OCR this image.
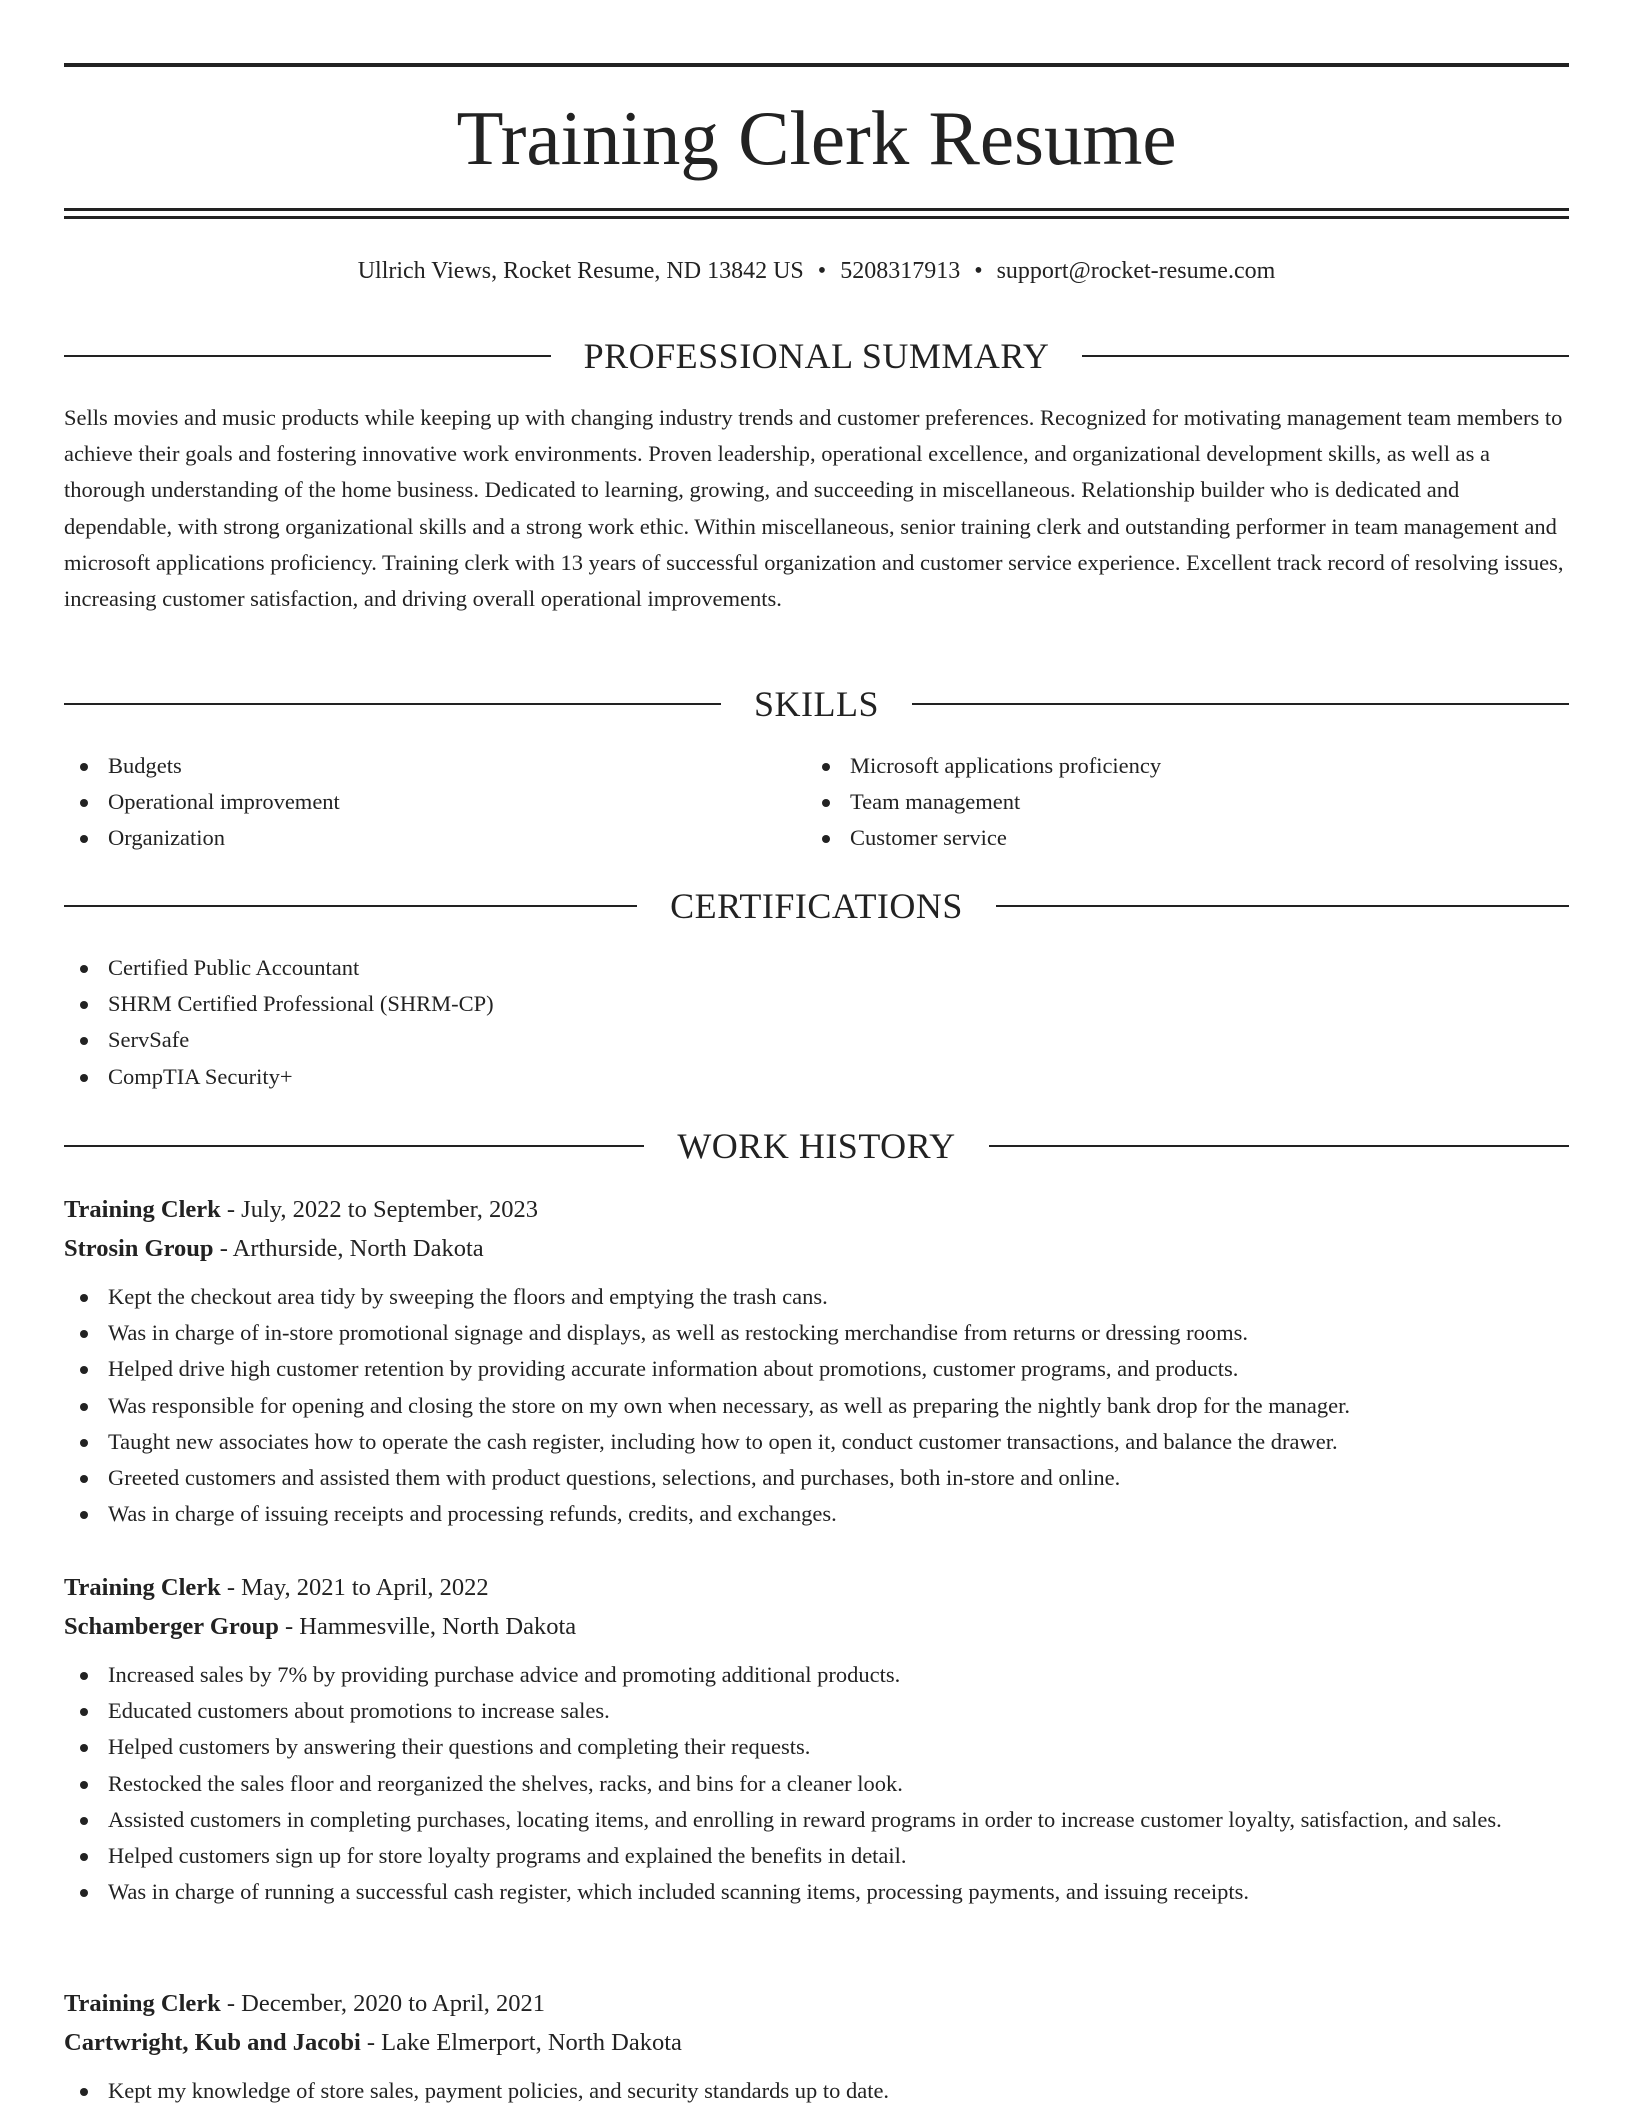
Training Clerk Resume
Ullrich Views, Rocket Resume, ND 13842 US • 5208317913 • support@rocket-resume.com
PROFESSIONAL SUMMARY

Sells movies and music products while keeping up with changing industry trends and customer preferences. Recognized for motivating management team members to achieve their goals and fostering innovative work environments. Proven leadership, operational excellence, and organizational development skills, as well as a thorough understanding of the home business. Dedicated to learning, growing, and succeeding in miscellaneous. Relationship builder who is dedicated and dependable, with strong organizational skills and a strong work ethic. Within miscellaneous, senior training clerk and outstanding performer in team management and microsoft applications proficiency. Training clerk with 13 years of successful organization and customer service experience. Excellent track record of resolving issues, increasing customer satisfaction, and driving overall operational improvements.

SKILLS
Budgets
Operational improvement
Organization
Microsoft applications proficiency
Team management
Customer service
CERTIFICATIONS
Certified Public Accountant
SHRM Certified Professional (SHRM-CP)
ServSafe
CompTIA Security+
WORK HISTORY
Training Clerk - July, 2022 to September, 2023
Strosin Group - Arthurside, North Dakota
Kept the checkout area tidy by sweeping the floors and emptying the trash cans.
Was in charge of in-store promotional signage and displays, as well as restocking merchandise from returns or dressing rooms.
Helped drive high customer retention by providing accurate information about promotions, customer programs, and products.
Was responsible for opening and closing the store on my own when necessary, as well as preparing the nightly bank drop for the manager.
Taught new associates how to operate the cash register, including how to open it, conduct customer transactions, and balance the drawer.
Greeted customers and assisted them with product questions, selections, and purchases, both in-store and online.
Was in charge of issuing receipts and processing refunds, credits, and exchanges.
Training Clerk - May, 2021 to April, 2022
Schamberger Group - Hammesville, North Dakota
Increased sales by 7% by providing purchase advice and promoting additional products.
Educated customers about promotions to increase sales.
Helped customers by answering their questions and completing their requests.
Restocked the sales floor and reorganized the shelves, racks, and bins for a cleaner look.
Assisted customers in completing purchases, locating items, and enrolling in reward programs in order to increase customer loyalty, satisfaction, and sales.
Helped customers sign up for store loyalty programs and explained the benefits in detail.
Was in charge of running a successful cash register, which included scanning items, processing payments, and issuing receipts.
Training Clerk - December, 2020 to April, 2021
Cartwright, Kub and Jacobi - Lake Elmerport, North Dakota
Kept my knowledge of store sales, payment policies, and security standards up to date.
